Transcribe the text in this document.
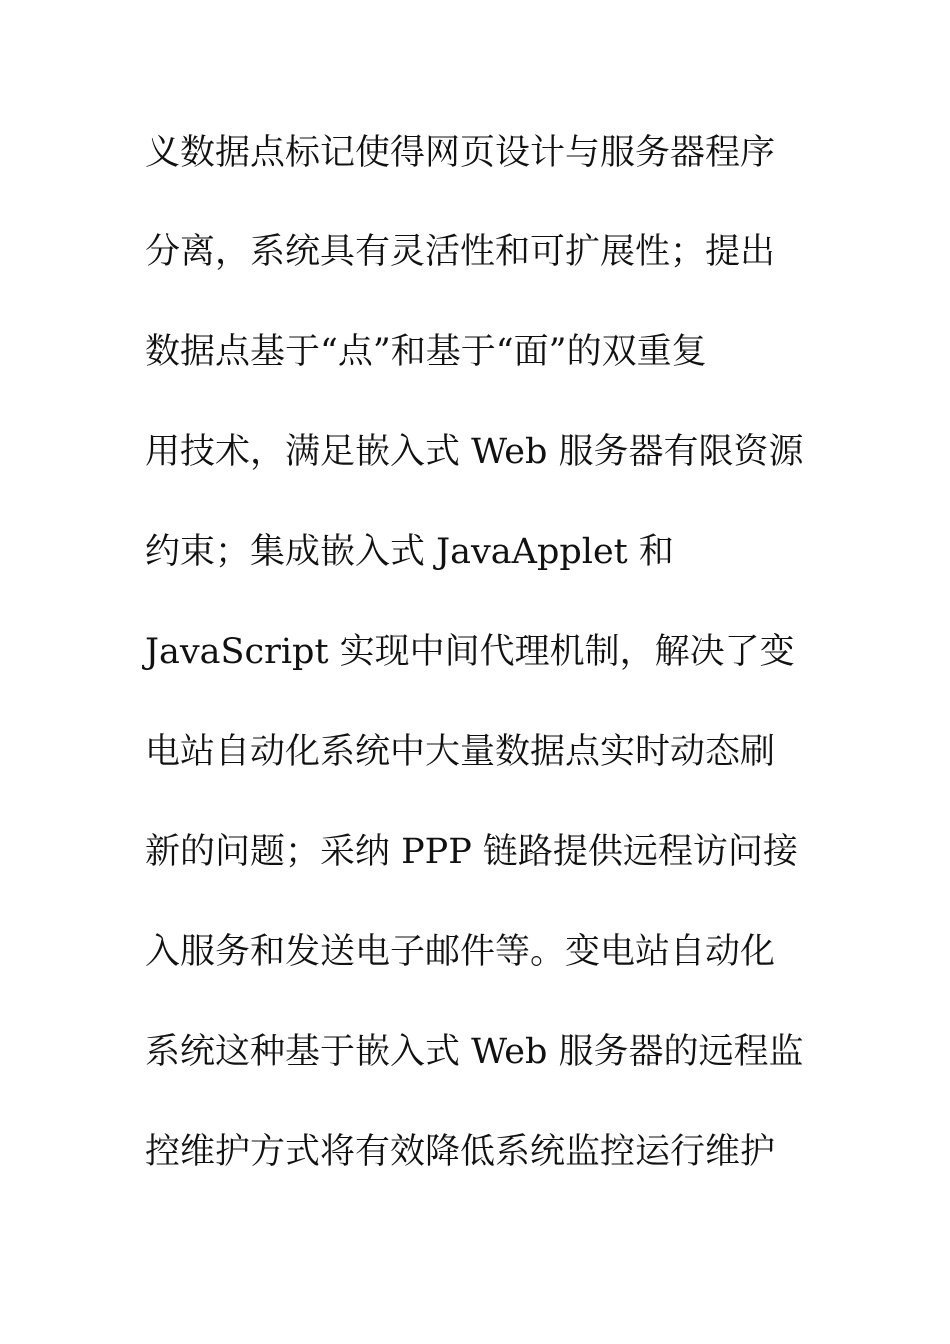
义数据点标记使得网页设计与服务器程序
分离，系统具有灵活性和可扩展性；提出
数据点基于“点”和基于“面”的双重复
用技术，满足嵌入式 Web 服务器有限资源
约束；集成嵌入式 JavaApplet 和
JavaScript 实现中间代理机制，解决了变
电站自动化系统中大量数据点实时动态刷
新的问题；采纳 PPP 链路提供远程访问接
入服务和发送电子邮件等。变电站自动化
系统这种基于嵌入式 Web 服务器的远程监
控维护方式将有效降低系统监控运行维护
